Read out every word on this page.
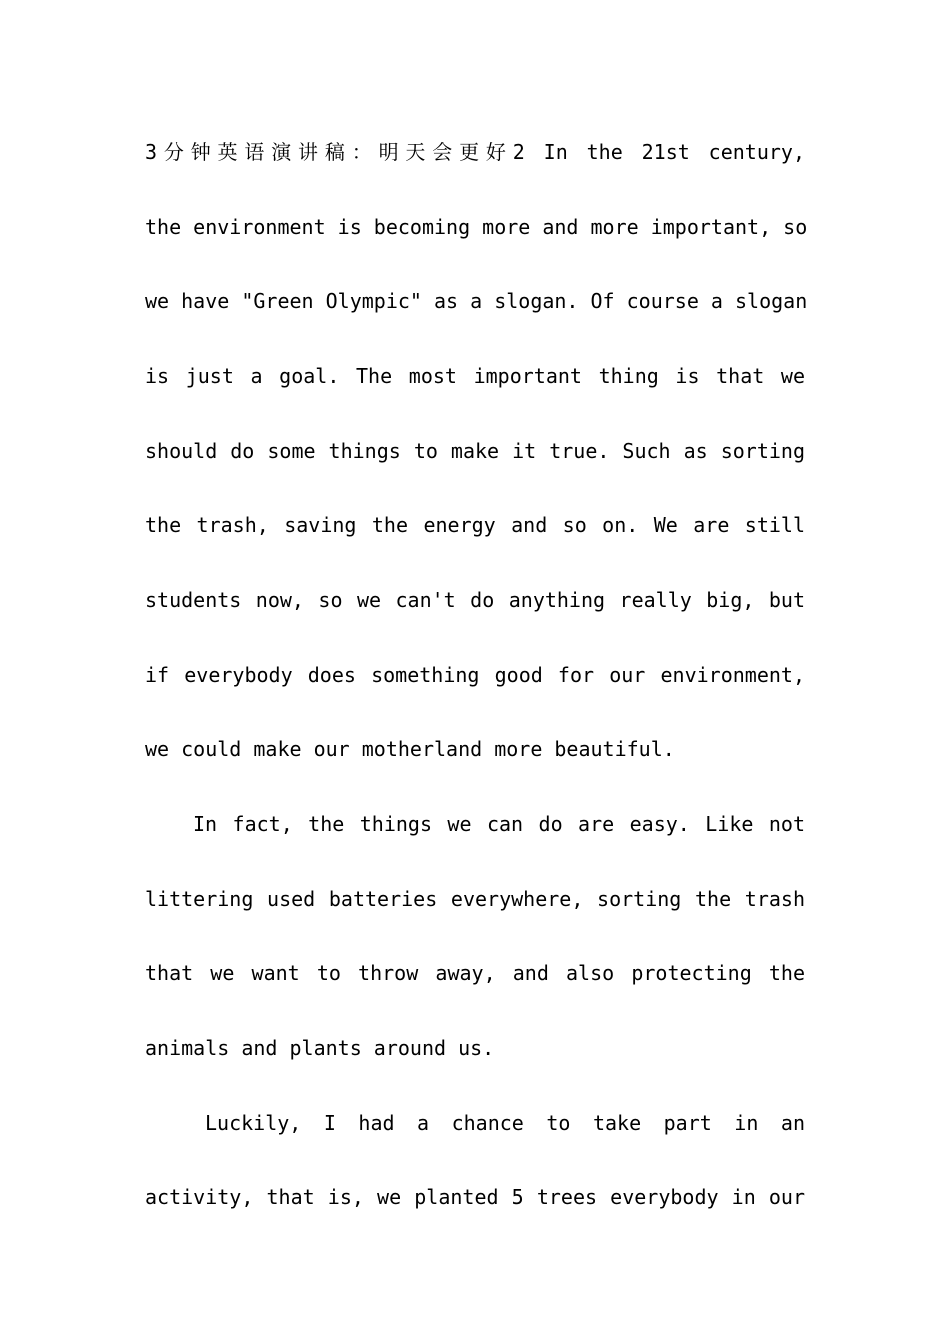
3分钟英语演讲稿：明天会更好2 In the 21st century,
the environment is becoming more and more important, so
we have "Green Olympic" as a slogan. Of course a slogan
is just a goal. The most important thing is that we
should do some things to make it true. Such as sorting
the trash, saving the energy and so on. We are still
students now, so we can't do anything really big, but
if everybody does something good for our environment,
we could make our motherland more beautiful.
In fact, the things we can do are easy. Like not
littering used batteries everywhere, sorting the trash
that we want to throw away, and also protecting the
animals and plants around us.
Luckily, I had a chance to take part in an
activity, that is, we planted 5 trees everybody in our
